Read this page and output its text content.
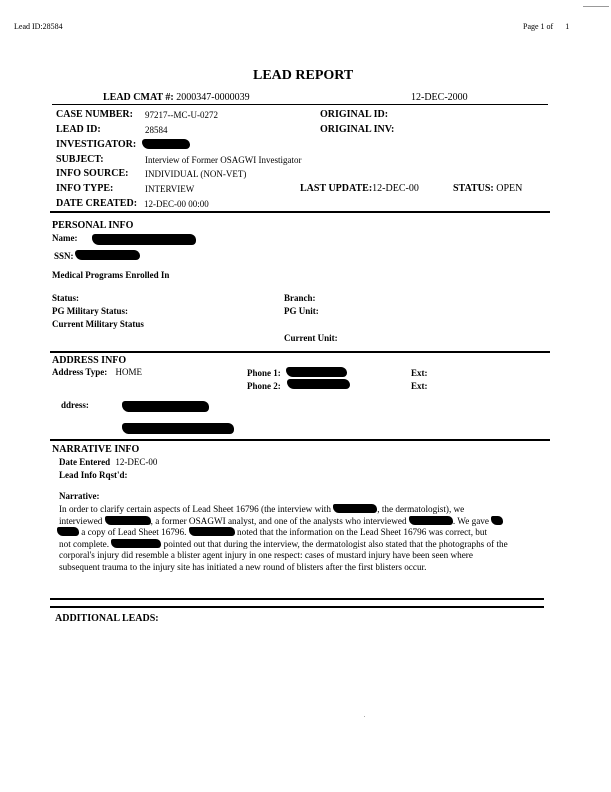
Lead ID:28584	Page 1 of 1
LEAD REPORT
LEAD CMAT #: 2000347-0000039	12-DEC-2000
CASE NUMBER: 97217--MC-U-0272	ORIGINAL ID:
LEAD ID:	28584	ORIGINAL INV:
INVESTIGATOR:
SUBJECT:	Interview of Former OSAGWI Investigator
INFO SOURCE: INDIVIDUAL (NON-VET)
INFO TYPE:	INTERVIEW	LAST UPDATE:12-DEC-00	STATUS: OPEN
DATE CREATED: 12-DEC-00 00:00
PERSONAL INFO
Name:
SSN:
Medical Programs Enrolled In
Status:	Branch:
PG Military Status:	PG Unit:
Current Military Status
Current Unit:
ADDRESS INFO
Address Type: HOME	Phone 1:	Ext:
Phone 2:	Ext:
ddress:
NARRATIVE INFO
Date Entered 12-DEC-00
Lead Info Rqst'd:
Narrative:
In order to clarify certain aspects of Lead Sheet 16796 (the interview with	, the dermatologist), we
interviewed	, a former OSAGWI analyst, and one of the analysts who interviewed	. We gave
a copy of Lead Sheet 16796.	noted that the information on the Lead Sheet 16796 was correct, but
not complete.	pointed out that during the interview, the dermatologist also stated that the photographs of the
corporal's injury did resemble a blister agent injury in one respect: cases of mustard injury have been seen where
subsequent trauma to the injury site has initiated a new round of blisters after the first blisters occur.
ADDITIONAL LEADS:
